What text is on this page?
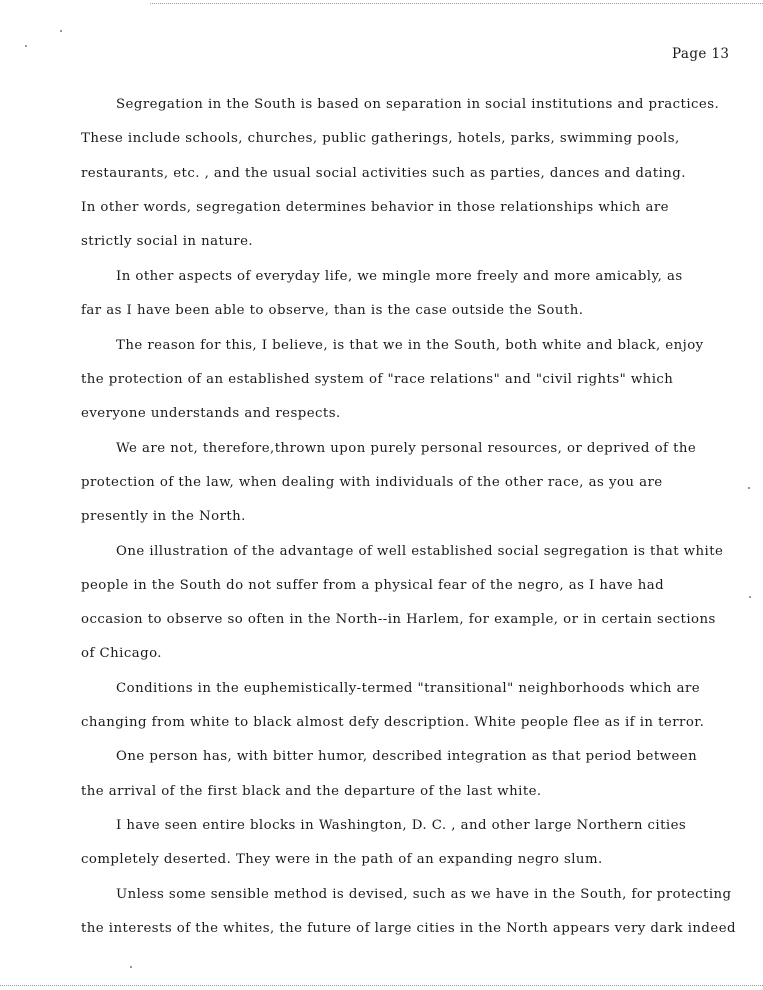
Page 13
Segregation in the South is based on separation in social institutions and practices.
These include schools, churches, public gatherings, hotels, parks, swimming pools,
restaurants, etc. , and the usual social activities such as parties, dances and dating.
In other words, segregation determines behavior in those relationships which are
strictly social in nature.
In other aspects of everyday life, we mingle more freely and more amicably, as
far as I have been able to observe, than is the case outside the South.
The reason for this, I believe, is that we in the South, both white and black, enjoy
the protection of an established system of "race relations" and "civil rights" which
everyone understands and respects.
We are not, therefore,thrown upon purely personal resources, or deprived of the
protection of the law, when dealing with individuals of the other race, as you are
presently in the North.
One illustration of the advantage of well established social segregation is that white
people in the South do not suffer from a physical fear of the negro, as I have had
occasion to observe so often in the North--in Harlem, for example, or in certain sections
of Chicago.
Conditions in the euphemistically-termed "transitional" neighborhoods which are
changing from white to black almost defy description. White people flee as if in terror.
One person has, with bitter humor, described integration as that period between
the arrival of the first black and the departure of the last white.
I have seen entire blocks in Washington, D. C. , and other large Northern cities
completely deserted. They were in the path of an expanding negro slum.
Unless some sensible method is devised, such as we have in the South, for protecting
the interests of the whites, the future of large cities in the North appears very dark indeed
